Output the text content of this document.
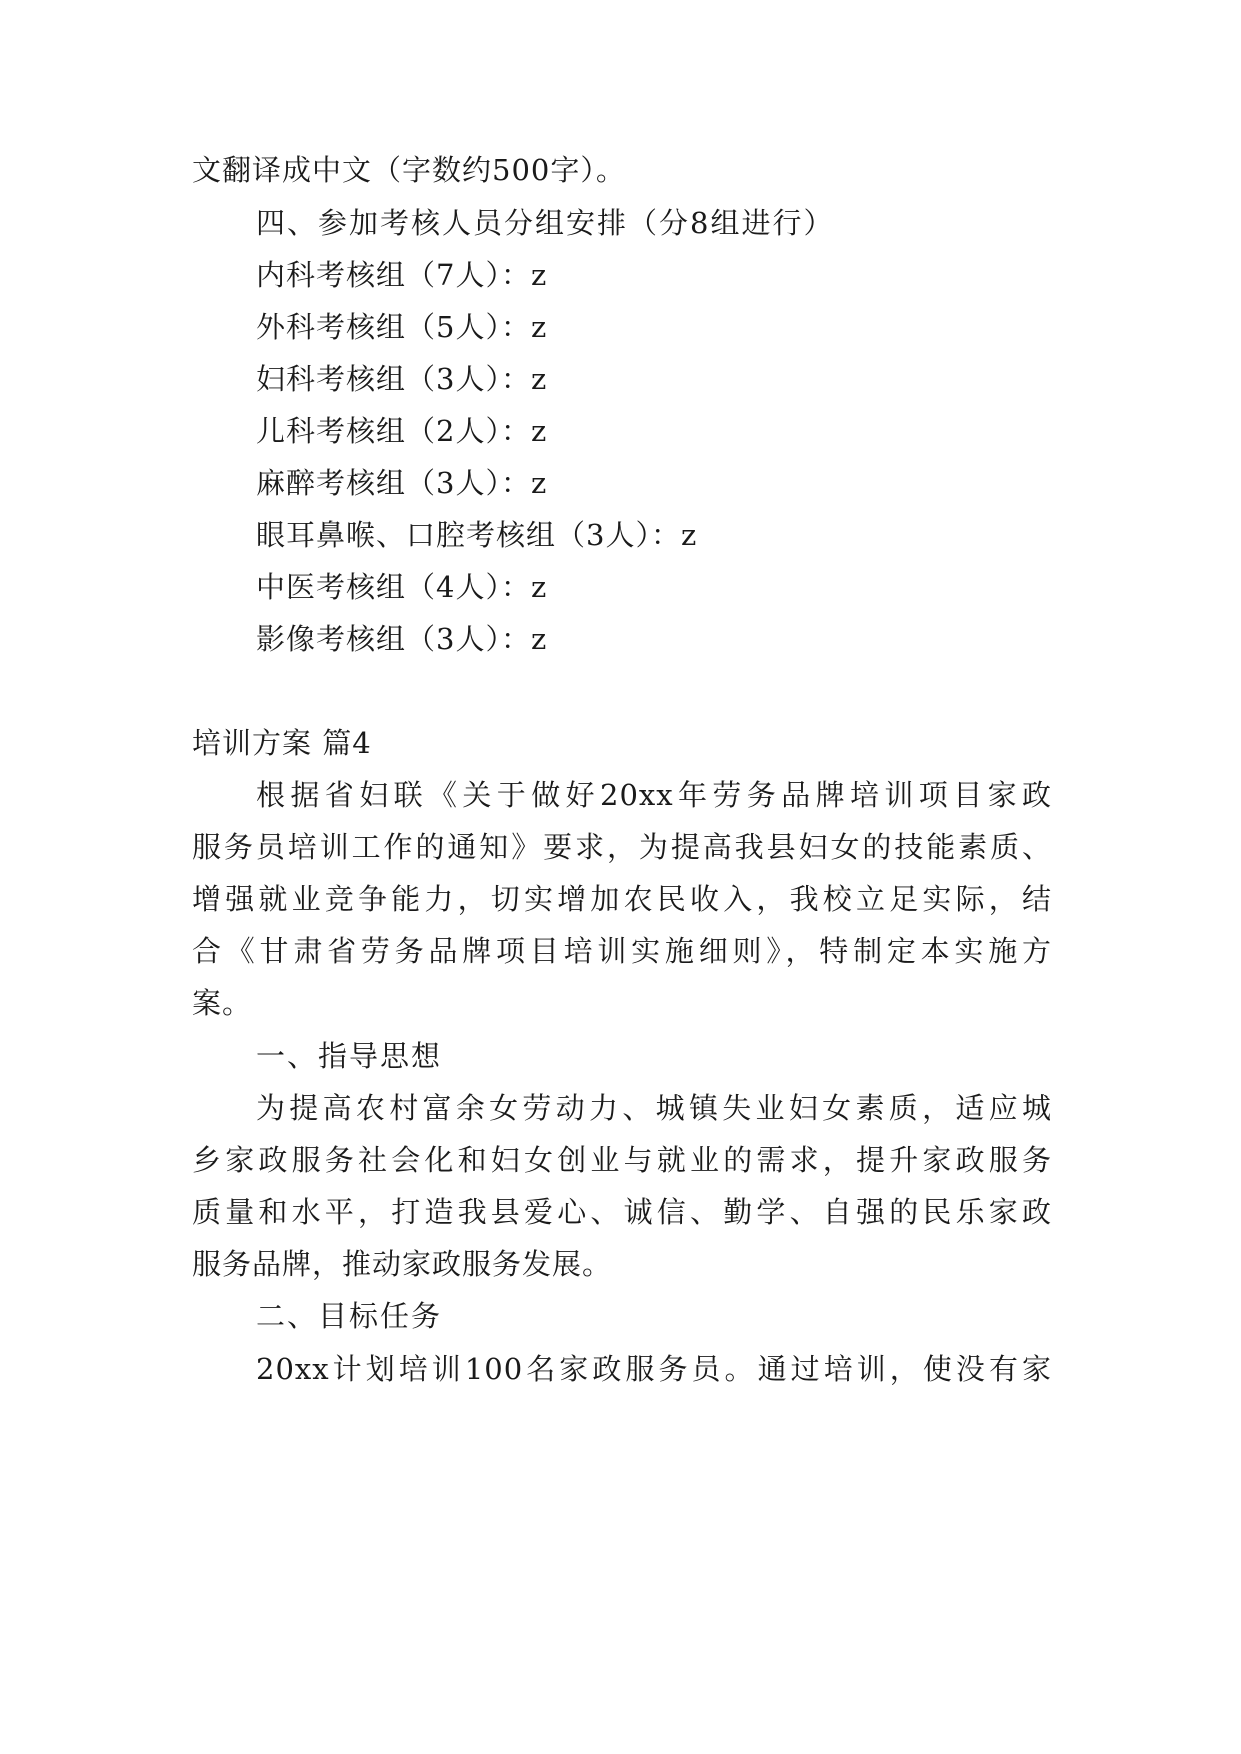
文翻译成中文（字数约500字）。
四、参加考核人员分组安排（分8组进行）
内科考核组（7人）：z
外科考核组（5人）：z
妇科考核组（3人）：z
儿科考核组（2人）：z
麻醉考核组（3人）：z
眼耳鼻喉、口腔考核组（3人）：z
中医考核组（4人）：z
影像考核组（3人）：z
培训方案 篇4
根据省妇联《关于做好20xx年劳务品牌培训项目家政
服务员培训工作的通知》要求，为提高我县妇女的技能素质、
增强就业竞争能力，切实增加农民收入，我校立足实际，结
合《甘肃省劳务品牌项目培训实施细则》，特制定本实施方
案。
一、指导思想
为提高农村富余女劳动力、城镇失业妇女素质，适应城
乡家政服务社会化和妇女创业与就业的需求，提升家政服务
质量和水平，打造我县爱心、诚信、勤学、自强的民乐家政
服务品牌，推动家政服务发展。
二、目标任务
20xx计划培训100名家政服务员。通过培训，使没有家
